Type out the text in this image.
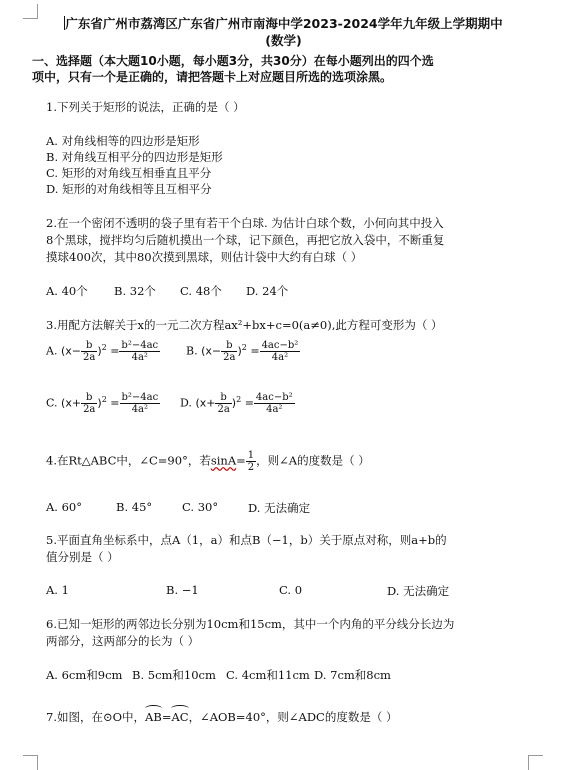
广东省广州市荔湾区广东省广州市南海中学2023-2024学年九年级上学期期中
(数学)
一、选择题（本大题10小题，每小题3分，共30分）在每小题列出的四个选
项中，只有一个是正确的，请把答题卡上对应题目所选的选项涂黑。
1.下列关于矩形的说法，正确的是（ ）
A. 对角线相等的四边形是矩形
B. 对角线互相平分的四边形是矩形
C. 矩形的对角线互相垂直且平分
D. 矩形的对角线相等且互相平分
2.在一个密闭不透明的袋子里有若干个白球. 为估计白球个数，小何向其中投入
8个黑球，搅拌均匀后随机摸出一个球，记下颜色，再把它放入袋中，不断重复
摸球400次，其中80次摸到黑球，则估计袋中大约有白球（ ）
A. 40个 B. 32个 C. 48个 D. 24个
3.用配方法解关于x的一元二次方程ax²+bx+c=0(a≠0),此方程可变形为（ ）
A. $(x- \frac{b}{2a} )^2 = \frac{\text{b²−4ac}}{\text{4a²}} B$. $(x- \frac{b}{2a} )^2 = \frac{\text{4ac−b²}}{\text{4a²}}$
C. $(x+ \frac{b}{2a} )^2 = \frac{\text{b²−4ac}}{\text{4a²}} D$. $(x+ \frac{b}{2a} )^2 = \frac{\text{4ac−b²}}{\text{4a²}}$
4.在Rt△ABC中，∠C=90°，若$\sin A= \frac{1}{2}$ ，则∠A的度数是（ ）
A. 60°	B. 45°	C. 30°	D. 无法确定
5.平面直角坐标系中，点A（1，a）和点B（−1，b）关于原点对称，则a+b的
值分别是（ ）
A. 1	B. −1	C. 0	D. 无法确定
6.已知一矩形的两邻边长分别为10cm和15cm，其中一个内角的平分线分长边为
两部分，这两部分的长为（ ）
A. 6cm和9cm B. 5cm和10cm C. 4cm和11cm D. 7cm和8cm
7.如图，在⊙O中，AB=AC，∠AOB=40°，则∠ADC的度数是（ ）
